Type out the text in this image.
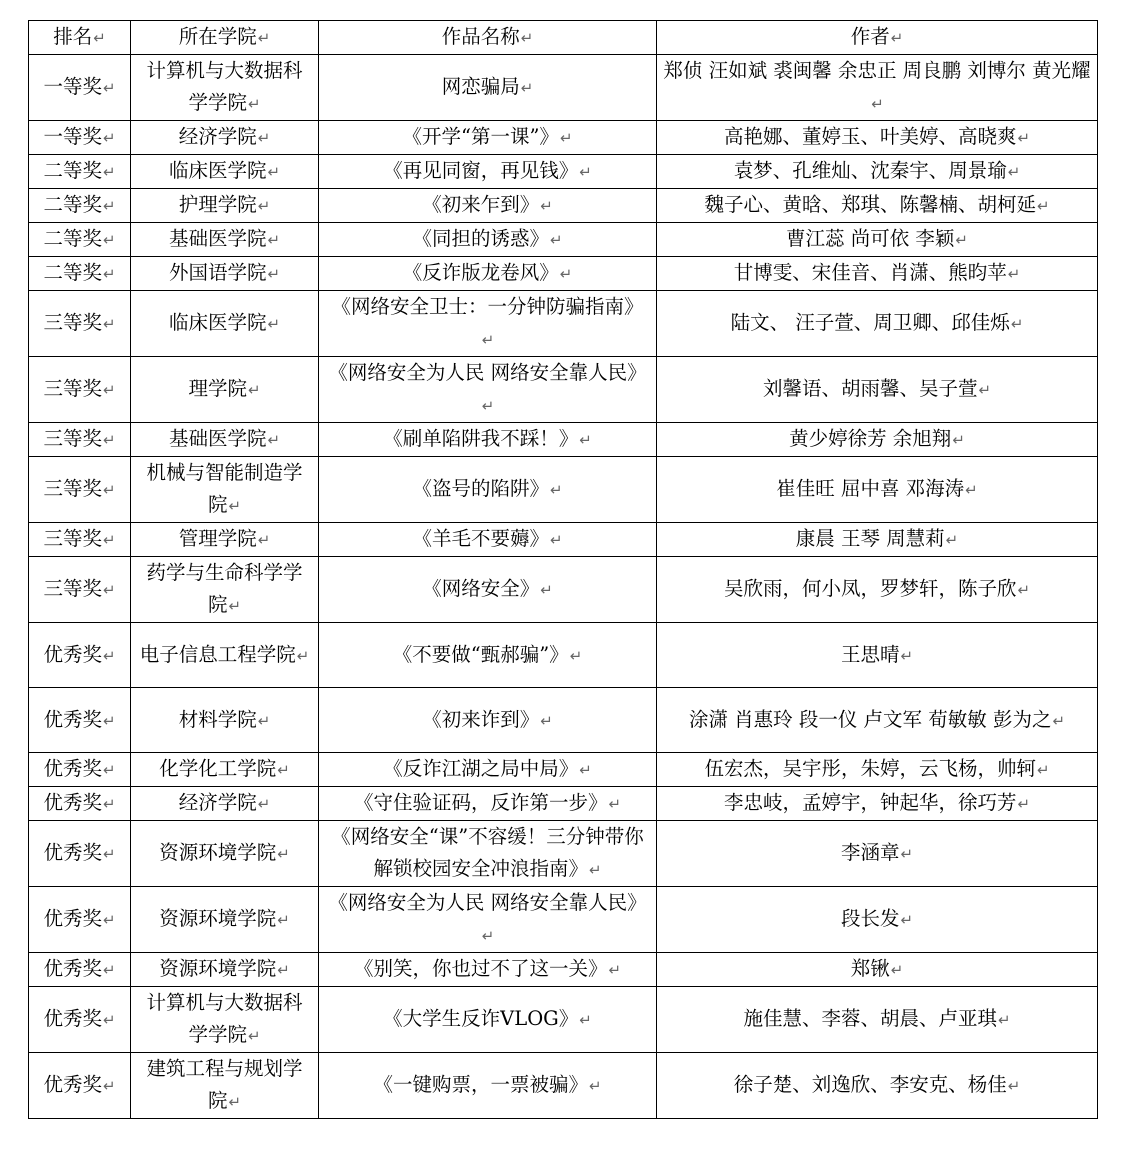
排名↵	所在学院↵	作品名称↵	作者↵
一等奖↵	计算机与大数据科学学院↵	网恋骗局↵	郑侦 汪如斌 裘闽馨 余忠正 周良鹏 刘博尔 黄光耀↵
一等奖↵	经济学院↵	《开学“第一课”》↵	高艳娜、董婷玉、叶美婷、高晓爽↵
二等奖↵	临床医学院↵	《再见同窗，再见钱》↵	袁梦、孔维灿、沈秦宇、周景瑜↵
二等奖↵	护理学院↵	《初来乍到》↵	魏子心、黄晗、郑琪、陈馨楠、胡柯延↵
二等奖↵	基础医学院↵	《同担的诱惑》↵	曹江蕊 尚可依 李颖↵
二等奖↵	外国语学院↵	《反诈版龙卷风》↵	甘博雯、宋佳音、肖潇、熊昀苹↵
三等奖↵	临床医学院↵	《网络安全卫士：一分钟防骗指南》↵	陆文、 汪子萱、周卫卿、邱佳烁↵
三等奖↵	理学院↵	《网络安全为人民 网络安全靠人民》↵	刘馨语、胡雨馨、吴子萱↵
三等奖↵	基础医学院↵	《刷单陷阱我不踩！》↵	黄少婷徐芳 余旭翔↵
三等奖↵	机械与智能制造学院↵	《盗号的陷阱》↵	崔佳旺 屈中喜 邓海涛↵
三等奖↵	管理学院↵	《羊毛不要薅》↵	康晨 王琴 周慧莉↵
三等奖↵	药学与生命科学学院↵	《网络安全》↵	吴欣雨，何小凤，罗梦轩，陈子欣↵
优秀奖↵	电子信息工程学院↵	《不要做“甄郝骗”》↵	王思晴↵
优秀奖↵	材料学院↵	《初来诈到》↵	涂潇 肖惠玲 段一仪 卢文军 荀敏敏 彭为之↵
优秀奖↵	化学化工学院↵	《反诈江湖之局中局》↵	伍宏杰，吴宇彤，朱婷，云飞杨，帅轲↵
优秀奖↵	经济学院↵	《守住验证码，反诈第一步》↵	李忠岐，孟婷宇，钟起华，徐巧芳↵
优秀奖↵	资源环境学院↵	《网络安全“课”不容缓！三分钟带你解锁校园安全冲浪指南》↵	李涵章↵
优秀奖↵	资源环境学院↵	《网络安全为人民 网络安全靠人民》↵	段长发↵
优秀奖↵	资源环境学院↵	《别笑，你也过不了这一关》↵	郑锹↵
优秀奖↵	计算机与大数据科学学院↵	《大学生反诈VLOG》↵	施佳慧、李蓉、胡晨、卢亚琪↵
优秀奖↵	建筑工程与规划学院↵	《一键购票，一票被骗》↵	徐子楚、刘逸欣、李安克、杨佳↵
